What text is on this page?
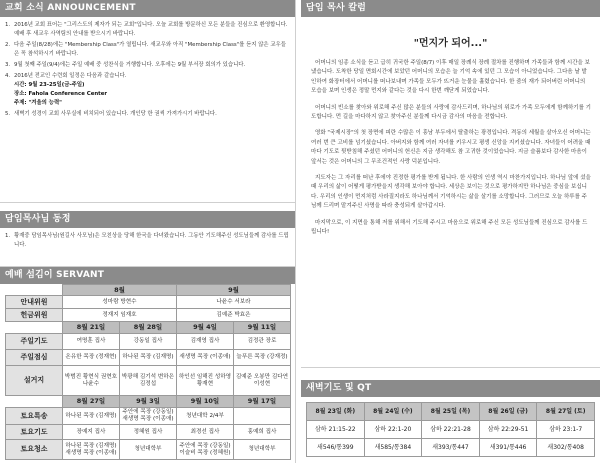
교회 소식 ANNOUNCEMENT
1. 2016년 교회 표어는 "그리스도의 제자가 되는 교회"입니다. 오늘 교회를 방문하신 모든 분들을 진심으로 환영합니다. 예배 후 새교우 사역팀의 안내를 받으시기 바랍니다.
2. 다음 주일(8/28)에는 "Membership Class"가 열립니다. 새교우와 아직 "Membership Class"를 듣지 않은 교우들은 꼭 참석하시기 바랍니다.
3. 9월 첫째 주일(9/4)에는 주일 예배 중 성찬식을 거행합니다. 오후에는 9월 부서장 회의가 있습니다.
4. 2016년 전교인 수련회 일정은 다음과 같습니다.
시간: 9월 23-25일(금-주일)
장소: Fahola Conference Center
주제: "겨울의 능력"
5. 새벽기 성경이 교회 사무실에 비치되어 있습니다. 개인당 한 권씩 가져가시기 바랍니다.
담임목사님 동정
1. 황재중 담임목사님(원길사 사모님)은 모친상을 당해 한국을 다녀왔습니다. 그동안 기도해주신 성도님들께 감사를 드립니다.
예배 섬김이 SERVANT
	8월		9월	
안내위원	성마람 방현수		나윤수 서보라	
헌금위원	정재지 임재호		김예준 박효은	
	8월 21일	8월 28일	9월 4일	9월 11일
주일기도	여명훈 집사	강동일 집사	김재영 집사	김정관 장로
주일점심	온유한 목장 (정재현)	하나된 목장 (김재명)	새생명 목장 (이종애)	늘푸른 목장 (강재정)
설거지	박범진 황현식 권현호 나윤수	박광해 김기석 변하은 김정섭	하인선 임해진 성하영 황재현	김예준 오봉만 김다연 이성현
	8월 27일	9월 3일	9월 10일	9월 17일
토요특송	하나된 목장 (김재명)	주안에 목장 (강동일) 새생명 목장 (이종애)	청년대학 2/4부	
토요기도	장예지 집사	정혜원 집사	최경선 집사	홍예희 집사
토요청소	하나된 목장 (김재명) 새생명 목장 (이종애)	청년대학부	주안에 목장 (강동일) 이슬비 목장 (정혜원)	청년대학부
담임 목사 칼럼
"먼지가 되어..."

어머니의 임종 소식을 듣고 급히 귀국한 주일(8/7) 이후 매일 장례식 장례 절차를 진행하며 가족들과 함께 시간을 보냈습니다. 도착한 당일 면회시간에 보았던 어머니의 모습은 늘 기억 속에 있던 그 모습이 아니었습니다. 그다음 날 발인하여 화장터에서 어머니를 떠나보내며 가족들 모두가 뜨거운 눈물을 흘렸습니다. 한 줌의 재가 되어버린 어머니의 모습을 보며 인생은 정말 먼지와 같다는 것을 다시 한번 깨닫게 되었습니다.

어머니의 빈소를 찾아와 위로해 주신 많은 분들의 사랑에 감사드리며, 하나님의 위로가 가족 모두에게 함께하기를 기도합니다. 먼 길을 마다하지 않고 찾아주신 분들께 다시금 감사의 마음을 전합니다.

영화 "국제시장"의 첫 장면에 피란 수많은 이 흥남 부두에서 탈출하는 광경입니다. 격동의 세월을 살아오신 어머니는 여러 번 큰 고비를 넘기셨습니다. 아버지와 함께 여러 자녀를 키우시고 평생 신앙을 지키셨습니다. 자녀들이 어려울 때마다 기도로 뒷받침해 주셨던 어머니의 헌신은 지금 생각해도 참 고귀한 것이었습니다. 지금 슬픔보다 감사한 마음이 앞서는 것은 어머니의 그 무조건적인 사랑 덕분입니다.

지도자는 그 자리를 떠난 후에야 진정한 평가를 받게 됩니다. 한 사람의 인생 역시 마찬가지입니다. 하나님 앞에 섰을 때 우리의 삶이 어떻게 평가받을지 생각해 보아야 합니다. 세상은 보이는 것으로 평가하지만 하나님은 중심을 보십니다. 우리의 인생이 먼지처럼 사라질지라도 하나님께서 기억하시는 삶을 살기를 소망합니다. 그러므로 오늘 하루를 주님께 드리며 맡겨주신 사명을 따라 충성되게 살아갑시다.

마지막으로, 이 지면을 통해 저를 위해서 기도해 주시고 마음으로 위로해 주신 모든 성도님들께 진심으로 감사를 드립니다!

새벽기도 및 QT
8월 23일 (화)	8월 24일 (수)	8월 25일 (목)	8월 26일 (금)	8월 27일 (토)
삼하 21:15-22	삼하 22:1-20	삼하 22:21-28	삼하 22:29-51	삼하 23:1-7
새546/통399	새585/통384	새393/통447	새391/통446	새302/통408
